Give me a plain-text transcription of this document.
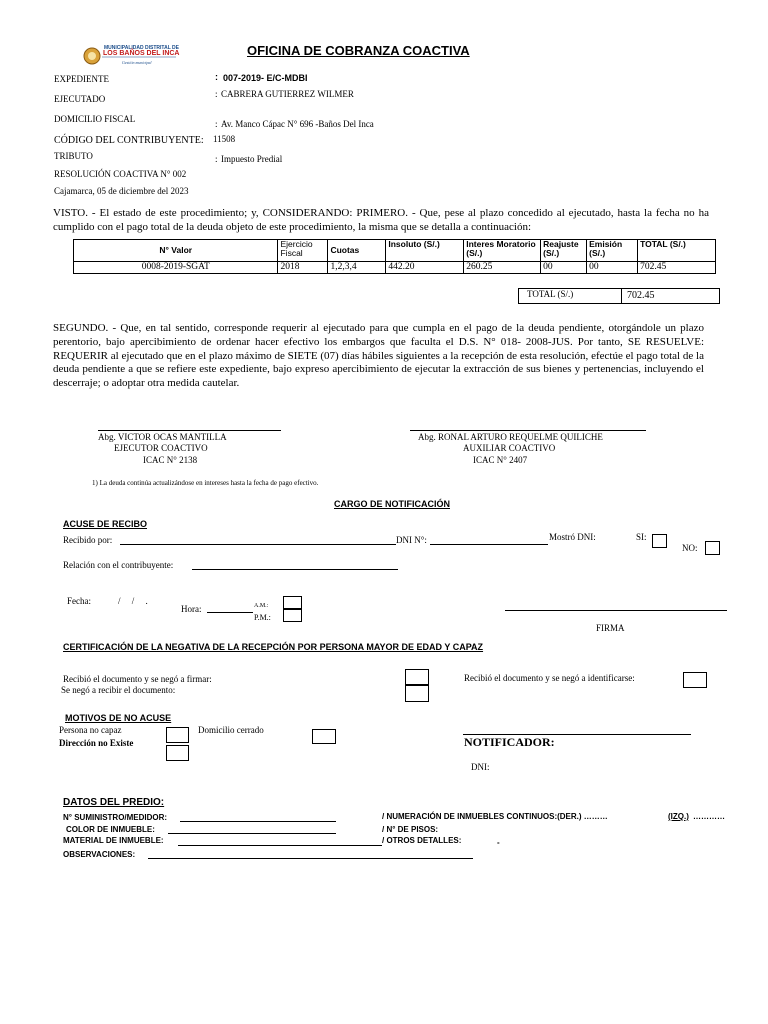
MUNICIPALIDAD DISTRITAL DE
LOS BAÑOS DEL INCA
Gestión municipal
OFICINA DE COBRANZA COACTIVA
EXPEDIENTE	: 007-2019- E/C-MDBI
EJECUTADO	: CABRERA GUTIERREZ WILMER
DOMICILIO FISCAL	: Av. Manco Cápac N° 696 -Baños Del Inca
CÓDIGO DEL CONTRIBUYENTE: 11508
TRIBUTO	: Impuesto Predial
RESOLUCIÓN COACTIVA N° 002
Cajamarca, 05 de diciembre del 2023
VISTO. - El estado de este procedimiento; y, CONSIDERANDO: PRIMERO. - Que, pese al plazo concedido al ejecutado, hasta la fecha no ha cumplido con el pago total de la deuda objeto de este procedimiento, la misma que se detalla a continuación:
N° Valor	Ejercicio Fiscal	Cuotas	Insoluto (S/.)	Interes Moratorio (S/.)	Reajuste (S/.)	Emisión (S/.)	TOTAL (S/.)
0008-2019-SGAT	2018	1,2,3,4	442.20	260.25	00	00	702.45
TOTAL (S/.)	702.45
SEGUNDO. - Que, en tal sentido, corresponde requerir al ejecutado para que cumpla en el pago de la deuda pendiente, otorgándole un plazo perentorio, bajo apercibimiento de ordenar hacer efectivo los embargos que faculta el D.S. N° 018- 2008-JUS. Por tanto, SE RESUELVE: REQUERIR al ejecutado que en el plazo máximo de SIETE (07) días hábiles siguientes a la recepción de esta resolución, efectúe el pago total de la deuda pendiente a que se refiere este expediente, bajo expreso apercibimiento de ejecutar la extracción de sus bienes y pertenencias, incluyendo el descerraje; o adoptar otra medida cautelar.
Abg. VICTOR OCAS MANTILLA
EJECUTOR COACTIVO
ICAC N° 2138
Abg. RONAL ARTURO REQUELME QUILICHE
AUXILIAR COACTIVO
ICAC N° 2407
1) La deuda continúa actualizándose en intereses hasta la fecha de pago efectivo.
CARGO DE NOTIFICACIÓN
ACUSE DE RECIBO
Recibido por:	DNI N°:	Mostró DNI:	SI:
NO:
Relación con el contribuyente:
Fecha:	/     /     .
Hora:	A.M.:
P.M.:
FIRMA
CERTIFICACIÓN DE LA NEGATIVA DE LA RECEPCIÓN POR PERSONA MAYOR DE EDAD Y CAPAZ
Recibió el documento y se negó a firmar:
Se negó a recibir el documento:
Recibió el documento y se negó a identificarse:
MOTIVOS DE NO ACUSE
Persona no capaz
Dirección no Existe
Domicilio cerrado
NOTIFICADOR:
DNI:
DATOS DEL PREDIO:
N° SUMINISTRO/MEDIDOR:
COLOR DE INMUEBLE:
MATERIAL DE INMUEBLE:
OBSERVACIONES:
/ NUMERACIÓN DE INMUEBLES CONTINUOS:(DER.) ………	(IZQ.) …………
/ N° DE PISOS:
/ OTROS DETALLES:	-
